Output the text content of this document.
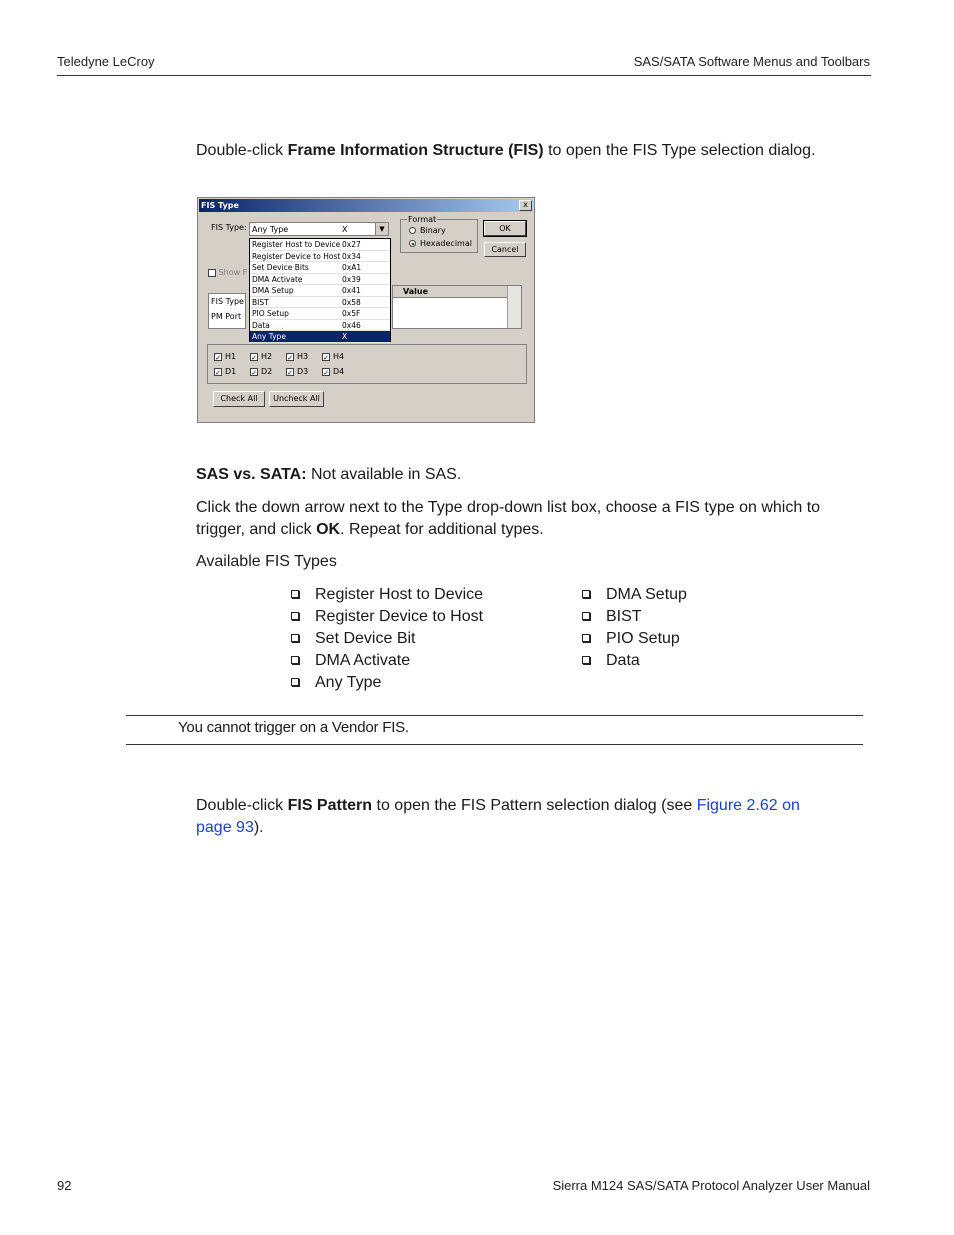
Teledyne LeCroy	SAS/SATA Software Menus and Toolbars
Double-click Frame Information Structure (FIS) to open the FIS Type selection dialog.
FIS Type	x
FIS Type: Any Type	X	▼
Show F
FIS Type
PM Port
Register Host to Device 0x27
Register Device to Host 0x34
Set Device Bits	0xA1
DMA Activate	0x39
DMA Setup	0x41
BIST	0x58
PIO Setup	0x5F
Data	0x46
Any Type	X
Format
Binary
Hexadecimal
OK
Cancel
Value
✓ H1 ✓ H2 ✓ H3 ✓ H4
✓ D1 ✓ D2 ✓ D3 ✓ D4
Check All	Uncheck All
SAS vs. SATA: Not available in SAS.
Click the down arrow next to the Type drop-down list box, choose a FIS type on which to trigger, and click OK. Repeat for additional types.
Available FIS Types
Register Host to Device
Register Device to Host
Set Device Bit
DMA Activate
Any Type
DMA Setup
BIST
PIO Setup
Data
You cannot trigger on a Vendor FIS.
Double-click FIS Pattern to open the FIS Pattern selection dialog (see Figure 2.62 on page 93).
92	Sierra M124 SAS/SATA Protocol Analyzer User Manual
